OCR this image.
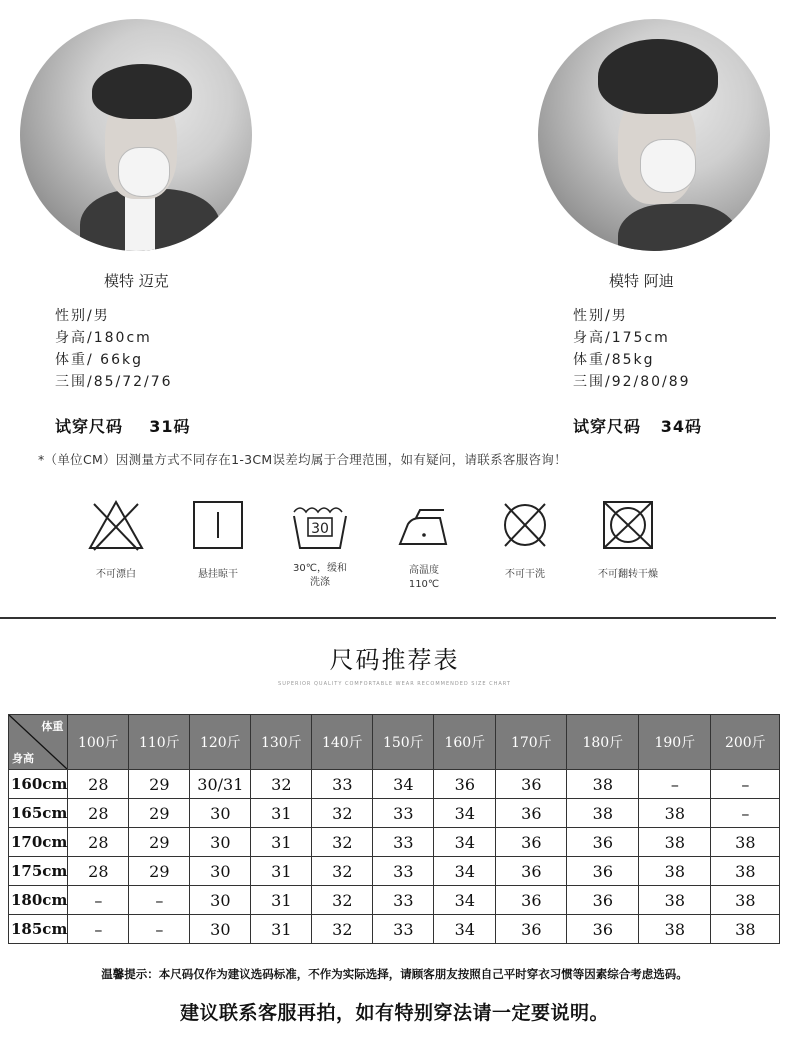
模特 迈克
性别/男
身高/180cm
体重/ 66kg
三围/85/72/76
试穿尺码    31码
模特 阿迪
性别/男
身高/175cm
体重/85kg
三围/92/80/89
试穿尺码   34码
*（单位CM）因测量方式不同存在1-3CM误差均属于合理范围，如有疑问，请联系客服咨询！
不可漂白	悬挂晾干
30
30℃，缓和洗涤
高温度110℃
不可干洗	不可翻转干燥
尺码推荐表
SUPERIOR QUALITY COMFORTABLE WEAR RECOMMENDED SIZE CHART
体重
身高	100斤	110斤	120斤	130斤	140斤	150斤	160斤	170斤	180斤	190斤	200斤
160cm	28	29	30/31	32	33	34	36	36	38	–	–
165cm	28	29	30	31	32	33	34	36	38	38	–
170cm	28	29	30	31	32	33	34	36	36	38	38
175cm	28	29	30	31	32	33	34	36	36	38	38
180cm	–	–	30	31	32	33	34	36	36	38	38
185cm	–	–	30	31	32	33	34	36	36	38	38
温馨提示：本尺码仅作为建议选码标准，不作为实际选择，请顾客朋友按照自己平时穿衣习惯等因素综合考虑选码。
建议联系客服再拍，如有特别穿法请一定要说明。
